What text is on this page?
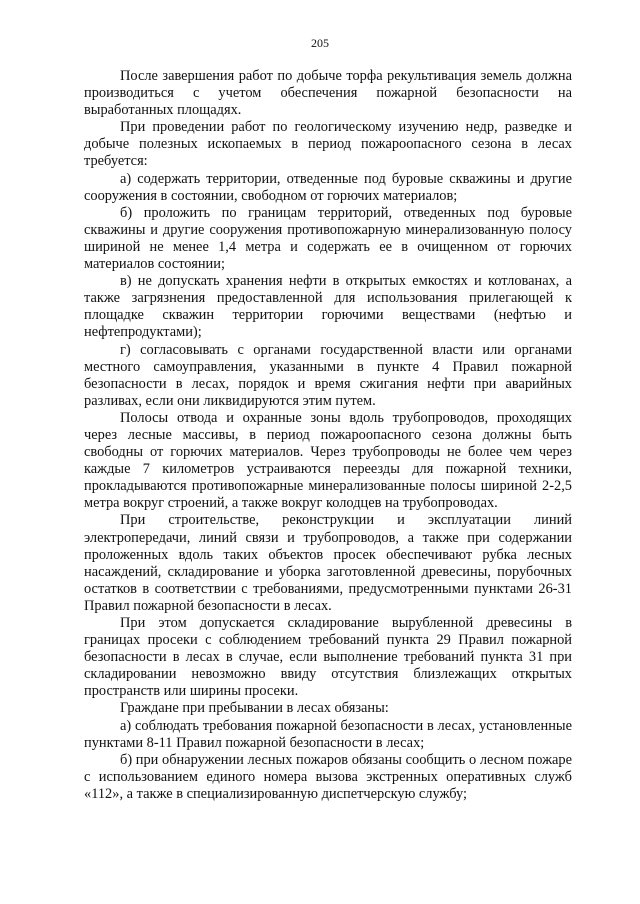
205

После завершения работ по добыче торфа рекультивация земель должна производиться с учетом обеспечения пожарной безопасности на выработанных площадях.

При проведении работ по геологическому изучению недр, разведке и добыче полезных ископаемых в период пожароопасного сезона в лесах требуется:

а) содержать территории, отведенные под буровые скважины и другие сооружения в состоянии, свободном от горючих материалов;

б) проложить по границам территорий, отведенных под буровые скважины и другие сооружения противопожарную минерализованную полосу шириной не менее 1,4 метра и содержать ее в очищенном от горючих материалов состоянии;

в) не допускать хранения нефти в открытых емкостях и котлованах, а также загрязнения предоставленной для использования прилегающей к площадке скважин территории горючими веществами (нефтью и нефтепродуктами);

г) согласовывать с органами государственной власти или органами местного самоуправления, указанными в пункте 4 Правил пожарной безопасности в лесах, порядок и время сжигания нефти при аварийных разливах, если они ликвидируются этим путем.

Полосы отвода и охранные зоны вдоль трубопроводов, проходящих через лесные массивы, в период пожароопасного сезона должны быть свободны от горючих материалов. Через трубопроводы не более чем через каждые 7 километров устраиваются переезды для пожарной техники, прокладываются противопожарные минерализованные полосы шириной 2-2,5 метра вокруг строений, а также вокруг колодцев на трубопроводах.

При строительстве, реконструкции и эксплуатации линий электропередачи, линий связи и трубопроводов, а также при содержании проложенных вдоль таких объектов просек обеспечивают рубка лесных насаждений, складирование и уборка заготовленной древесины, порубочных остатков в соответствии с требованиями, предусмотренными пунктами 26-31 Правил пожарной безопасности в лесах.

При этом допускается складирование вырубленной древесины в границах просеки с соблюдением требований пункта 29 Правил пожарной безопасности в лесах в случае, если выполнение требований пункта 31 при складировании невозможно ввиду отсутствия близлежащих открытых пространств или ширины просеки.

Граждане при пребывании в лесах обязаны:

а) соблюдать требования пожарной безопасности в лесах, установленные пунктами 8-11 Правил пожарной безопасности в лесах;

б) при обнаружении лесных пожаров обязаны сообщить о лесном пожаре с использованием единого номера вызова экстренных оперативных служб «112», а также в специализированную диспетчерскую службу;
